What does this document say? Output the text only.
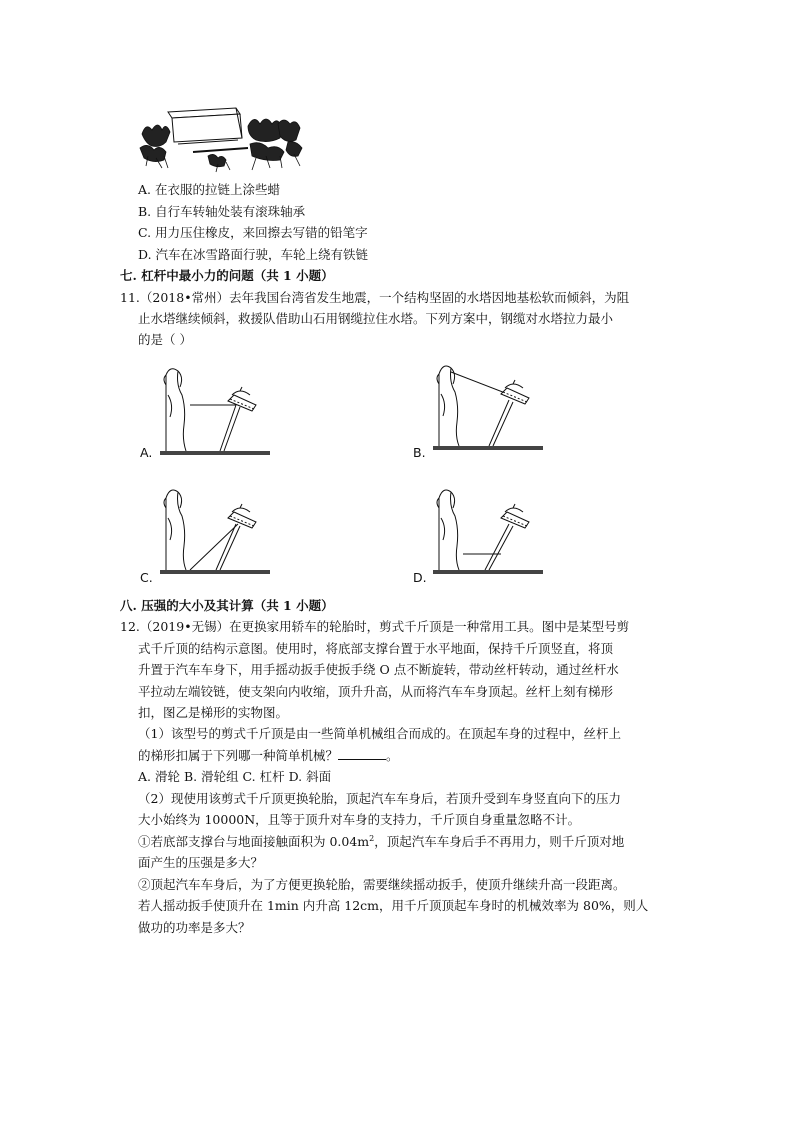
A. 在衣服的拉链上涂些蜡
B. 自行车转轴处装有滚珠轴承
C. 用力压住橡皮，来回擦去写错的铅笔字
D. 汽车在冰雪路面行驶，车轮上绕有铁链
七. 杠杆中最小力的问题（共 1 小题）
11.（2018•常州）去年我国台湾省发生地震，一个结构坚固的水塔因地基松软而倾斜，为阻
止水塔继续倾斜，救援队借助山石用钢缆拉住水塔。下列方案中，钢缆对水塔拉力最小
的是（ ）
A.	B.
C.	D.
八. 压强的大小及其计算（共 1 小题）
12.（2019•无锡）在更换家用轿车的轮胎时，剪式千斤顶是一种常用工具。图中是某型号剪
式千斤顶的结构示意图。使用时，将底部支撑台置于水平地面，保持千斤顶竖直，将顶
升置于汽车车身下，用手摇动扳手使扳手绕 O 点不断旋转，带动丝杆转动，通过丝杆水
平拉动左端铰链，使支架向内收缩，顶升升高，从而将汽车车身顶起。丝杆上刻有梯形
扣，图乙是梯形的实物图。
（1）该型号的剪式千斤顶是由一些简单机械组合而成的。在顶起车身的过程中，丝杆上
的梯形扣属于下列哪一种简单机械？	。
A. 滑轮 B. 滑轮组 C. 杠杆 D. 斜面
（2）现使用该剪式千斤顶更换轮胎，顶起汽车车身后，若顶升受到车身竖直向下的压力
大小始终为 10000N，且等于顶升对车身的支持力，千斤顶自身重量忽略不计。
①若底部支撑台与地面接触面积为 $0.04m^2$，顶起汽车车身后手不再用力，则千斤顶对地
面产生的压强是多大？
②顶起汽车车身后，为了方便更换轮胎，需要继续摇动扳手，使顶升继续升高一段距离。
若人摇动扳手使顶升在 1min 内升高 12cm，用千斤顶顶起车身时的机械效率为 80%，则人
做功的功率是多大？
